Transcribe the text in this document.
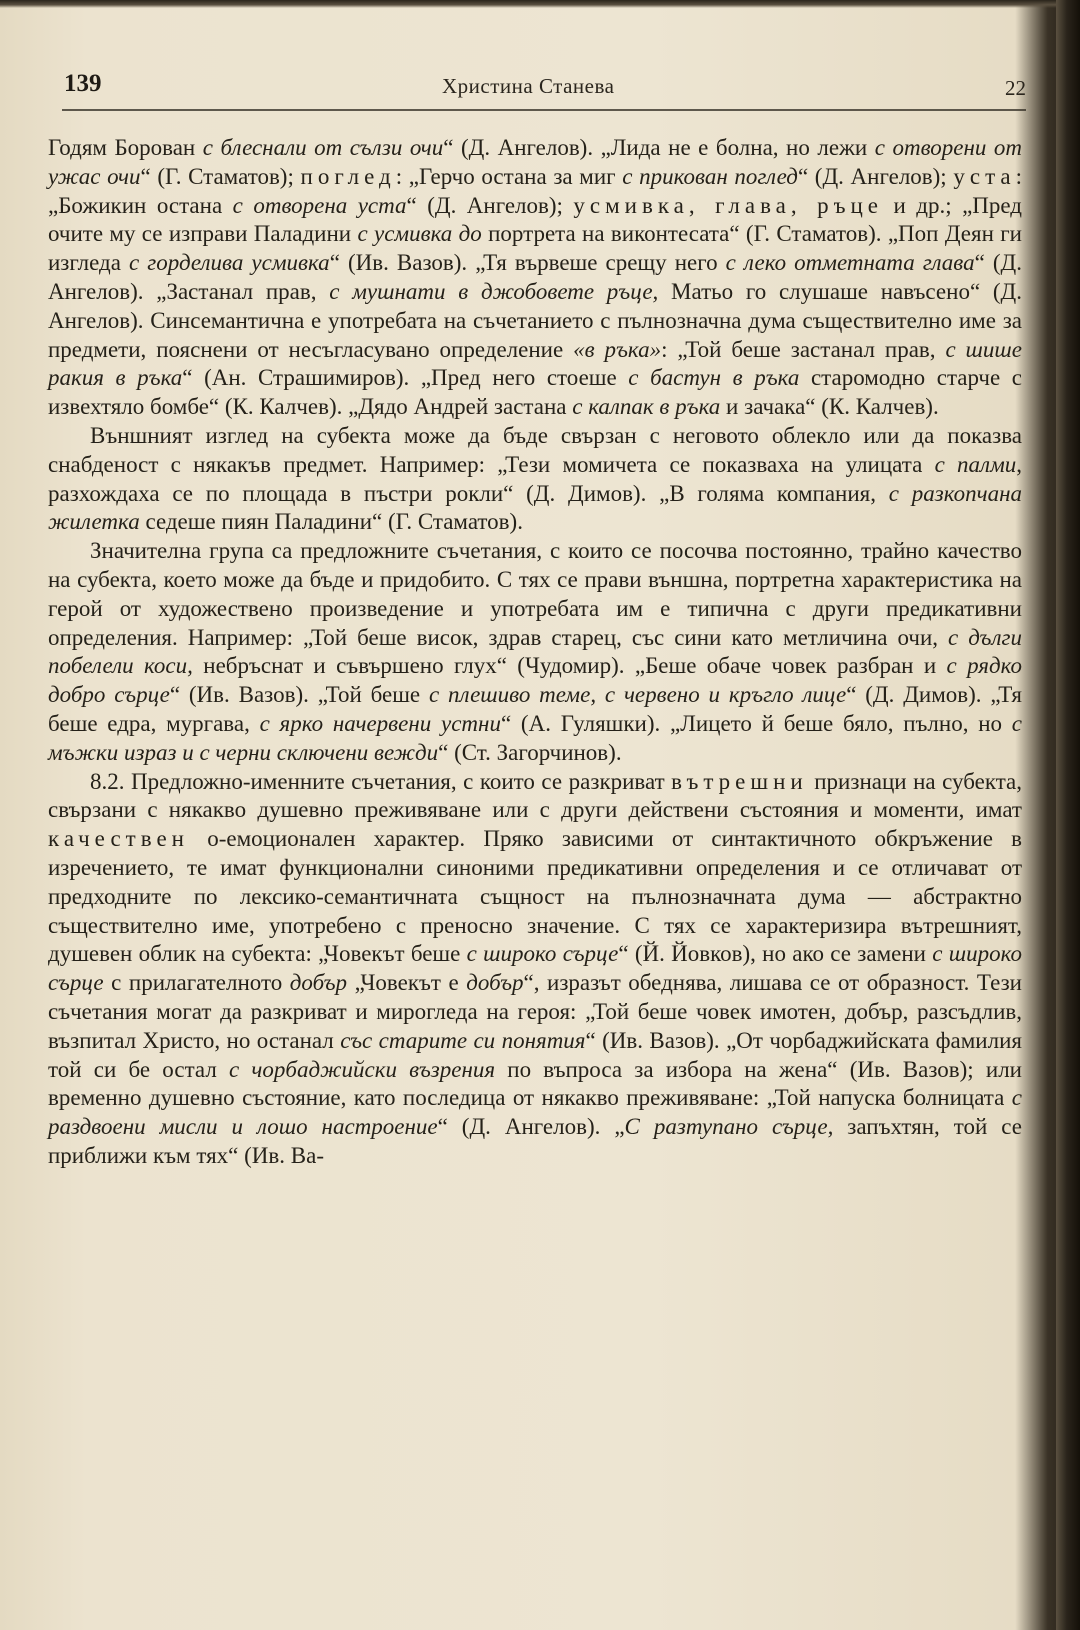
139	Христина Станева	22

Годям Борован с блеснали от сълзи очи“ (Д. Ангелов). „Лида не е болна, но лежи с отворени от ужас очи“ (Г. Стаматов); поглед: „Герчо остана за миг с прикован поглед“ (Д. Ангелов); уста: „Божикин остана с отворена уста“ (Д. Ангелов); усмивка, глава, ръце и др.; „Пред очите му се изправи Паладини с усмивка до портрета на виконтесата“ (Г. Стаматов). „Поп Деян ги изгледа с горделива усмивка“ (Ив. Вазов). „Тя вървеше срещу него с леко отметната глава“ (Д. Ангелов). „Застанал прав, с мушнати в джобовете ръце, Матьо го слушаше навъсено“ (Д. Ангелов). Синсемантична е употребата на съчетанието с пълнозначна дума съществително име за предмети, пояснени от несъгласувано определение «в ръка»: „Той беше застанал прав, с шише ракия в ръка“ (Ан. Страшимиров). „Пред него стоеше с бастун в ръка старомодно старче с извехтяло бомбе“ (К. Калчев). „Дядо Андрей застана с калпак в ръка и зачака“ (К. Калчев).

Външният изглед на субекта може да бъде свързан с неговото облекло или да показва снабденост с някакъв предмет. Например: „Тези момичета се показваха на улицата с палми, разхождаха се по площада в пъстри рокли“ (Д. Димов). „В голяма компания, с разкопчана жилетка седеше пиян Паладини“ (Г. Стаматов).

Значителна група са предложните съчетания, с които се посочва постоянно, трайно качество на субекта, което може да бъде и придобито. С тях се прави външна, портретна характеристика на герой от художествено произведение и употребата им е типична с други предикативни определения. Например: „Той беше висок, здрав старец, със сини като метличина очи, с дълги побелели коси, небръснат и съвършено глух“ (Чудомир). „Беше обаче човек разбран и с рядко добро сърце“ (Ив. Вазов). „Той беше с плешиво теме, с червено и кръгло лице“ (Д. Димов). „Тя беше едра, мургава, с ярко начервени устни“ (А. Гуляшки). „Лицето й беше бяло, пълно, но с мъжки израз и с черни сключени вежди“ (Ст. Загорчинов).

8.2. Предложно-именните съчетания, с които се разкриват вътрешни признаци на субекта, свързани с някакво душевно преживяване или с други действени състояния и моменти, имат качествен о-емоционален характер. Пряко зависими от синтактичното обкръжение в изречението, те имат функционални синоними предикативни определения и се отличават от предходните по лексико-семантичната същност на пълнозначната дума — абстрактно съществително име, употребено с преносно значение. С тях се характеризира вътрешният, душевен облик на субекта: „Човекът беше с широко сърце“ (Й. Йовков), но ако се замени с широко сърце с прилагателното добър „Човекът е добър“, изразът обеднява, лишава се от образност. Тези съчетания могат да разкриват и мирогледа на героя: „Той беше човек имотен, добър, разсъдлив, възпитал Христо, но останал със старите си понятия“ (Ив. Вазов). „От чорбаджийската фамилия той си бе остал с чорбаджийски възрения по въпроса за избора на жена“ (Ив. Вазов); или временно душевно състояние, като последица от някакво преживяване: „Той напуска болницата с раздвоени мисли и лошо настроение“ (Д. Ангелов). „С разтупано сърце, запъхтян, той се приближи към тях“ (Ив. Ва-
